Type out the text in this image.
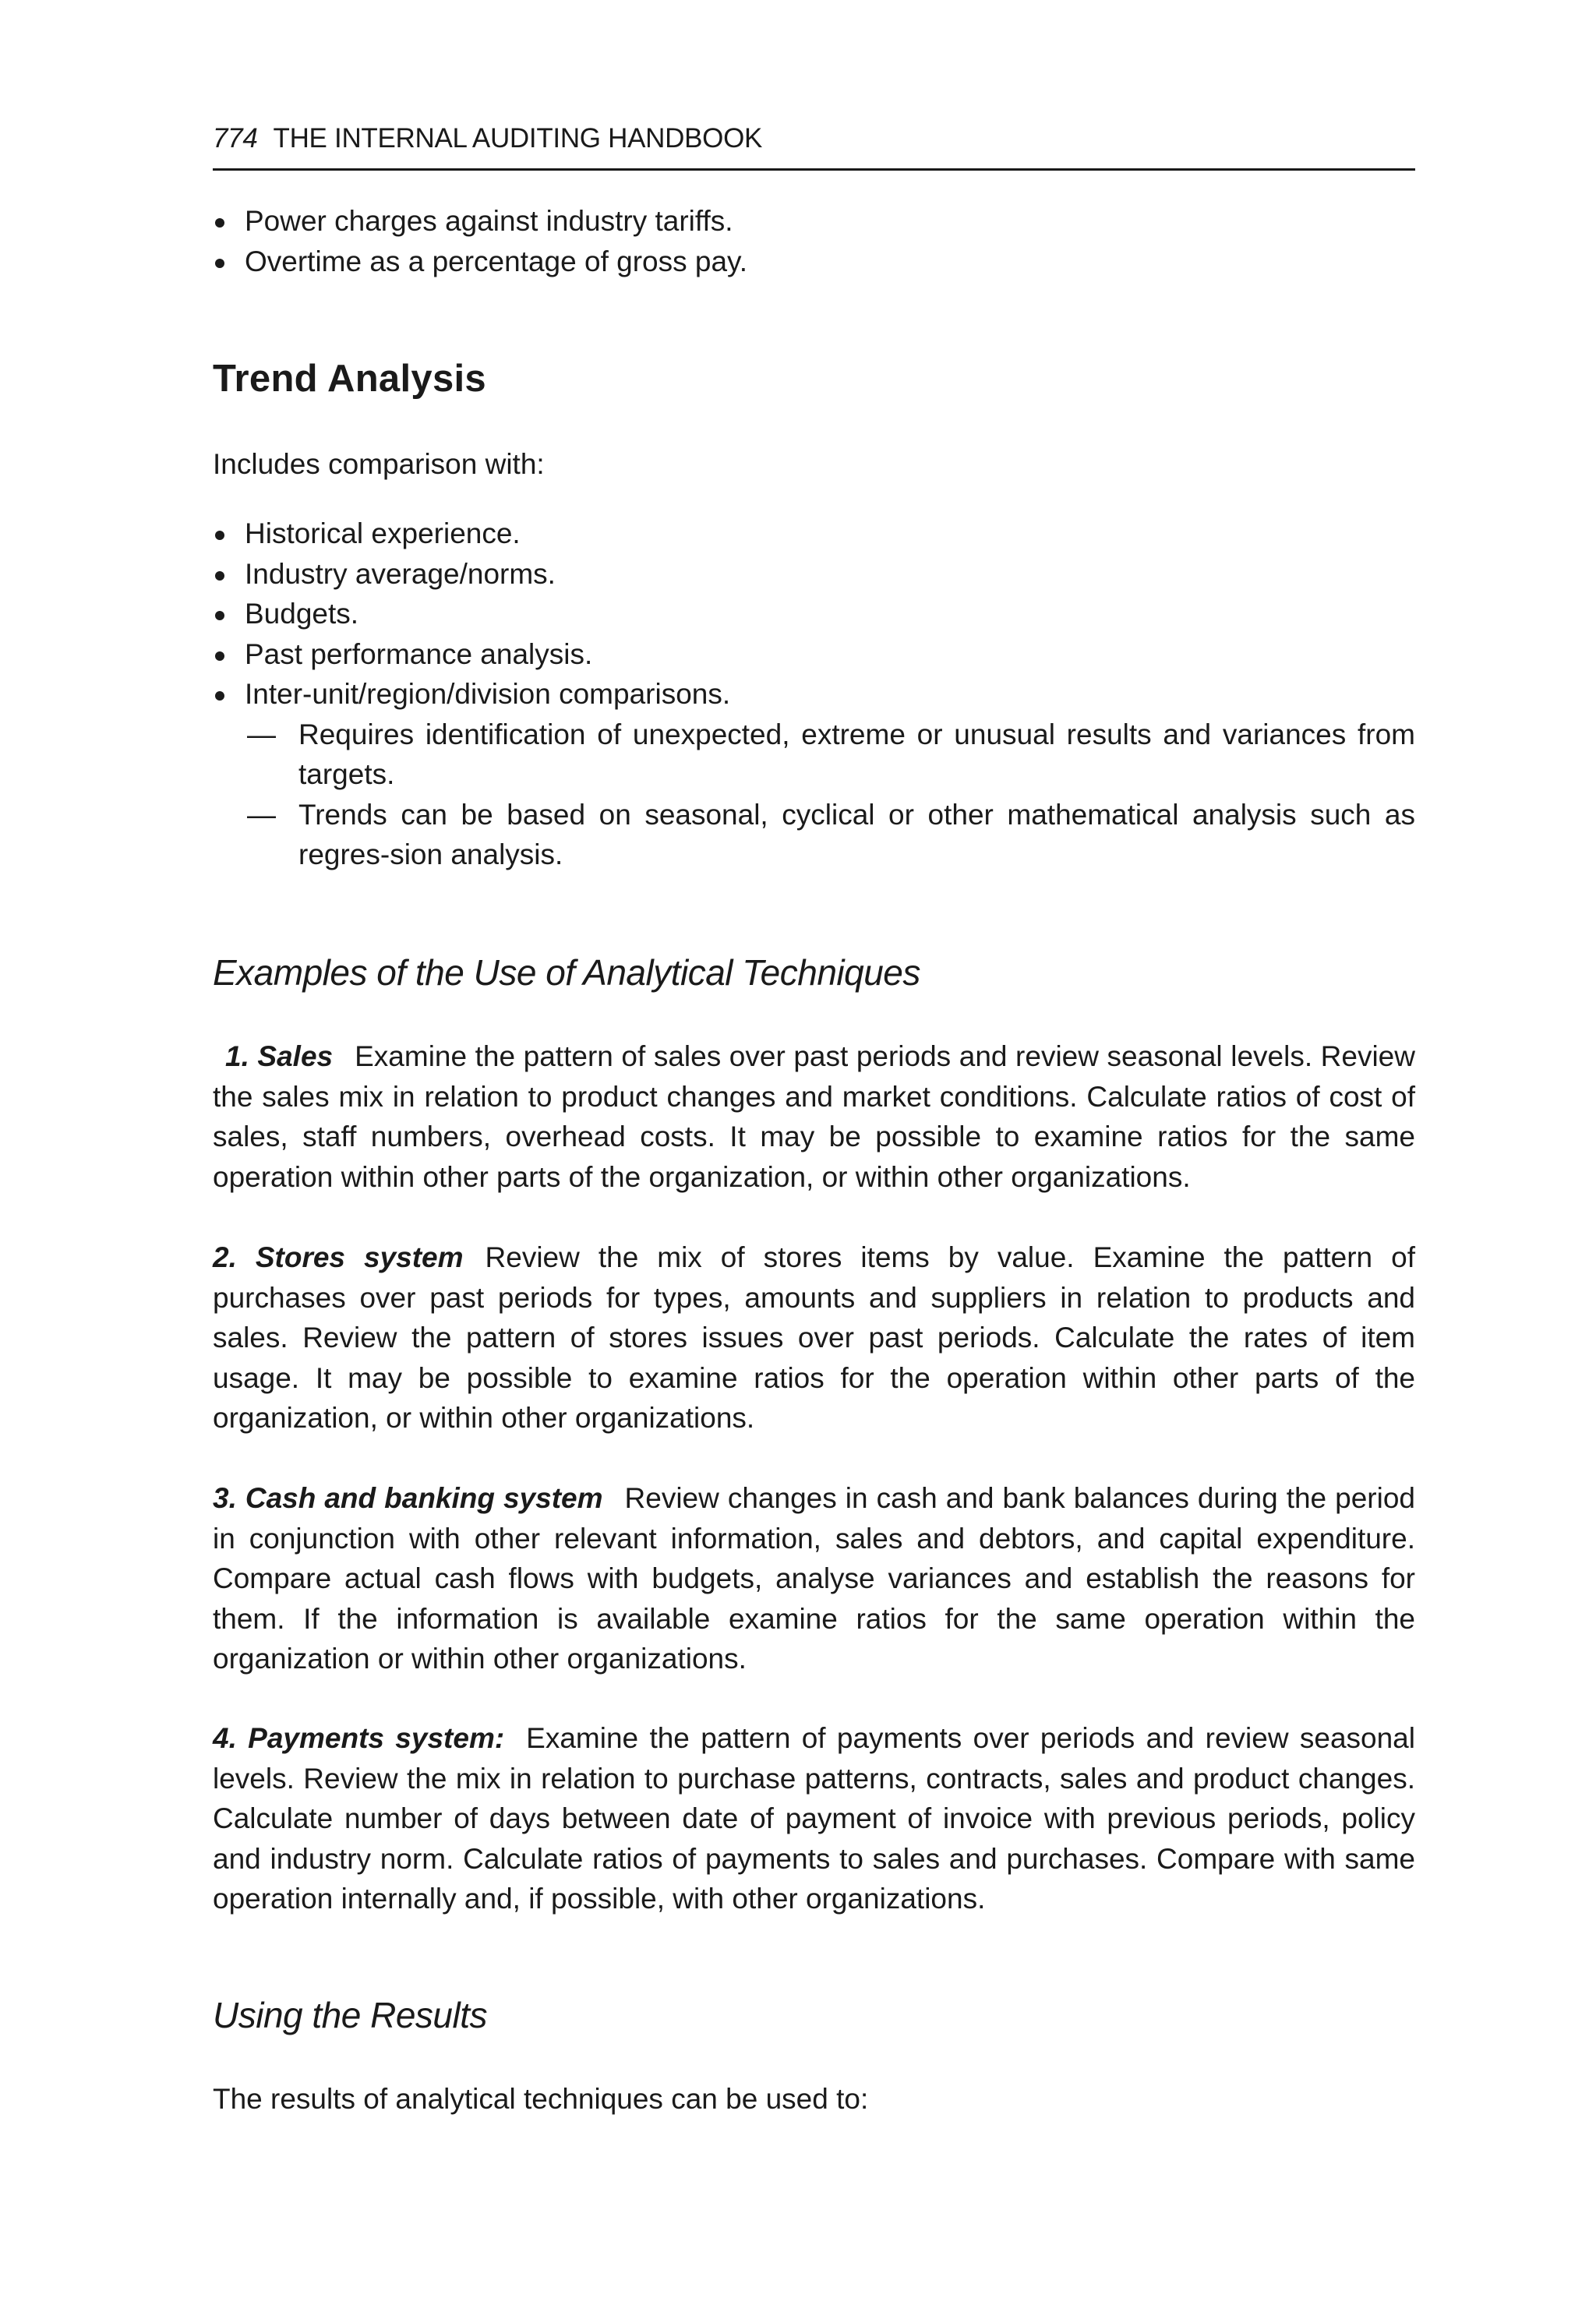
774 THE INTERNAL AUDITING HANDBOOK
Power charges against industry tariffs.
Overtime as a percentage of gross pay.
Trend Analysis
Includes comparison with:
Historical experience.
Industry average/norms.
Budgets.
Past performance analysis.
Inter-unit/region/division comparisons.
— Requires identification of unexpected, extreme or unusual results and variances from targets.
— Trends can be based on seasonal, cyclical or other mathematical analysis such as regres-sion analysis.
Examples of the Use of Analytical Techniques
1. Sales Examine the pattern of sales over past periods and review seasonal levels. Review the sales mix in relation to product changes and market conditions. Calculate ratios of cost of sales, staff numbers, overhead costs. It may be possible to examine ratios for the same operation within other parts of the organization, or within other organizations.
2. Stores system Review the mix of stores items by value. Examine the pattern of purchases over past periods for types, amounts and suppliers in relation to products and sales. Review the pattern of stores issues over past periods. Calculate the rates of item usage. It may be possible to examine ratios for the operation within other parts of the organization, or within other organizations.
3. Cash and banking system Review changes in cash and bank balances during the period in conjunction with other relevant information, sales and debtors, and capital expenditure. Compare actual cash flows with budgets, analyse variances and establish the reasons for them. If the information is available examine ratios for the same operation within the organization or within other organizations.
4. Payments system: Examine the pattern of payments over periods and review seasonal levels. Review the mix in relation to purchase patterns, contracts, sales and product changes. Calculate number of days between date of payment of invoice with previous periods, policy and industry norm. Calculate ratios of payments to sales and purchases. Compare with same operation internally and, if possible, with other organizations.
Using the Results
The results of analytical techniques can be used to:
